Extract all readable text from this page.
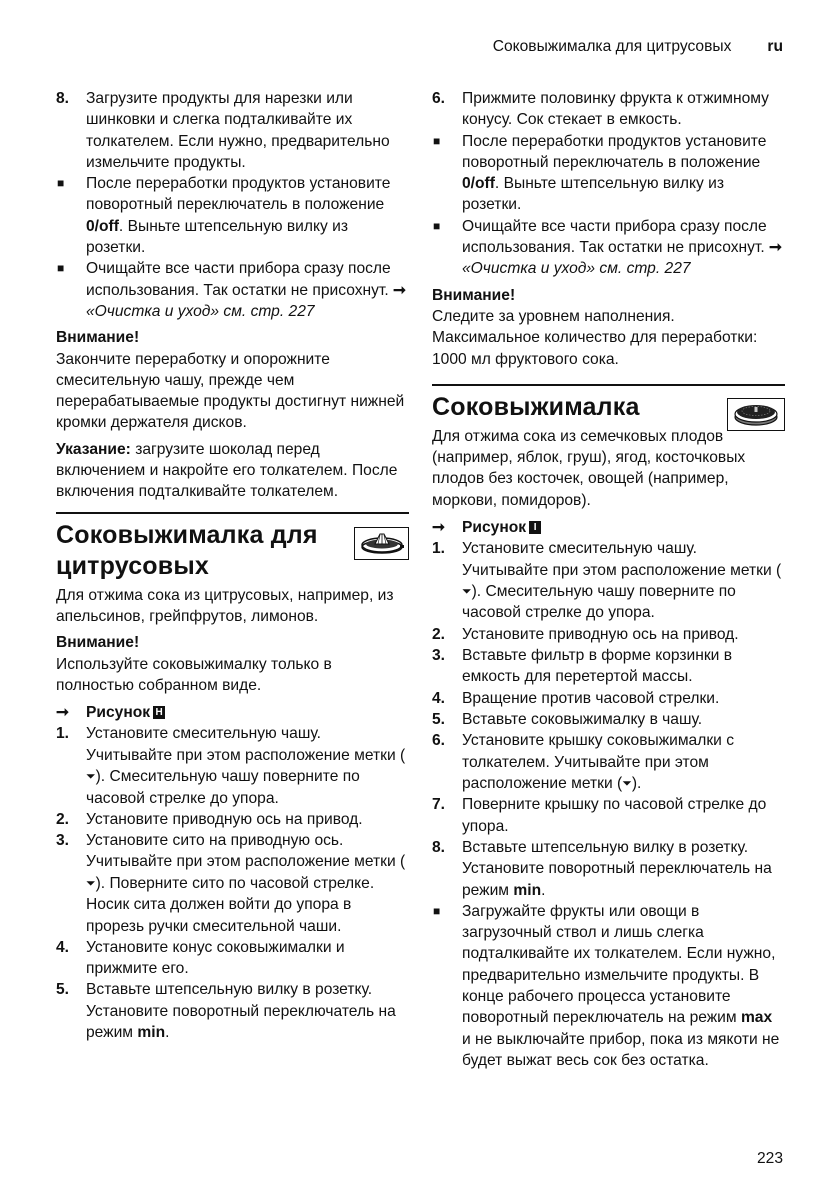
Соковыжималка для цитрусовых ru
8.	Загрузите продукты для нарезки или шинковки и слегка подталкивайте их толкателем. Если нужно, предварительно измельчите продукты.
■	После переработки продуктов установите поворотный переключатель в положение 0/off. Выньте штепсельную вилку из розетки.
■	Очищайте все части прибора сразу после использования. Так остатки не присохнут. ➞ «Очистка и уход» см. стр. 227
Внимание!
Закончите переработку и опорожните смесительную чашу, прежде чем перерабатываемые продукты достигнут нижней кромки держателя дисков.
Указание: загрузите шоколад перед включением и накройте его толкателем. После включения подталкивайте толкателем.
Соковыжималка для цитрусовых
Для отжима сока из цитрусовых, например, из апельсинов, грейпфрутов, лимонов.
Внимание!
Используйте соковыжималку только в полностью собранном виде.
➞	Рисунок H
1.	Установите смесительную чашу. Учитывайте при этом расположение метки (⏷). Смесительную чашу поверните по часовой стрелке до упора.
2.	Установите приводную ось на привод.
3.	Установите сито на приводную ось. Учитывайте при этом расположение метки (⏷). Поверните сито по часовой стрелке. Носик сита должен войти до упора в прорезь ручки смесительной чаши.
4.	Установите конус соковыжималки и прижмите его.
5.	Вставьте штепсельную вилку в розетку. Установите поворотный переключатель на режим min.
6.	Прижмите половинку фрукта к отжимному конусу. Сок стекает в емкость.
■	После переработки продуктов установите поворотный переключатель в положение 0/off. Выньте штепсельную вилку из розетки.
■	Очищайте все части прибора сразу после использования. Так остатки не присохнут. ➞ «Очистка и уход» см. стр. 227
Внимание!
Следите за уровнем наполнения. Максимальное количество для переработки: 1000 мл фруктового сока.
Соковыжималка
Для отжима сока из семечковых плодов (например, яблок, груш), ягод, косточковых плодов без косточек, овощей (например, моркови, помидоров).
➞	Рисунок I
1.	Установите смесительную чашу. Учитывайте при этом расположение метки (⏷). Смесительную чашу поверните по часовой стрелке до упора.
2.	Установите приводную ось на привод.
3.	Вставьте фильтр в форме корзинки в емкость для перетертой массы.
4.	Вращение против часовой стрелки.
5.	Вставьте соковыжималку в чашу.
6.	Установите крышку соковыжималки с толкателем. Учитывайте при этом расположение метки (⏷).
7.	Поверните крышку по часовой стрелке до упора.
8.	Вставьте штепсельную вилку в розетку. Установите поворотный переключатель на режим min.
■	Загружайте фрукты или овощи в загрузочный ствол и лишь слегка подталкивайте их толкателем. Если нужно, предварительно измельчите продукты. В конце рабочего процесса установите поворотный переключатель на режим max и не выключайте прибор, пока из мякоти не будет выжат весь сок без остатка.
223
